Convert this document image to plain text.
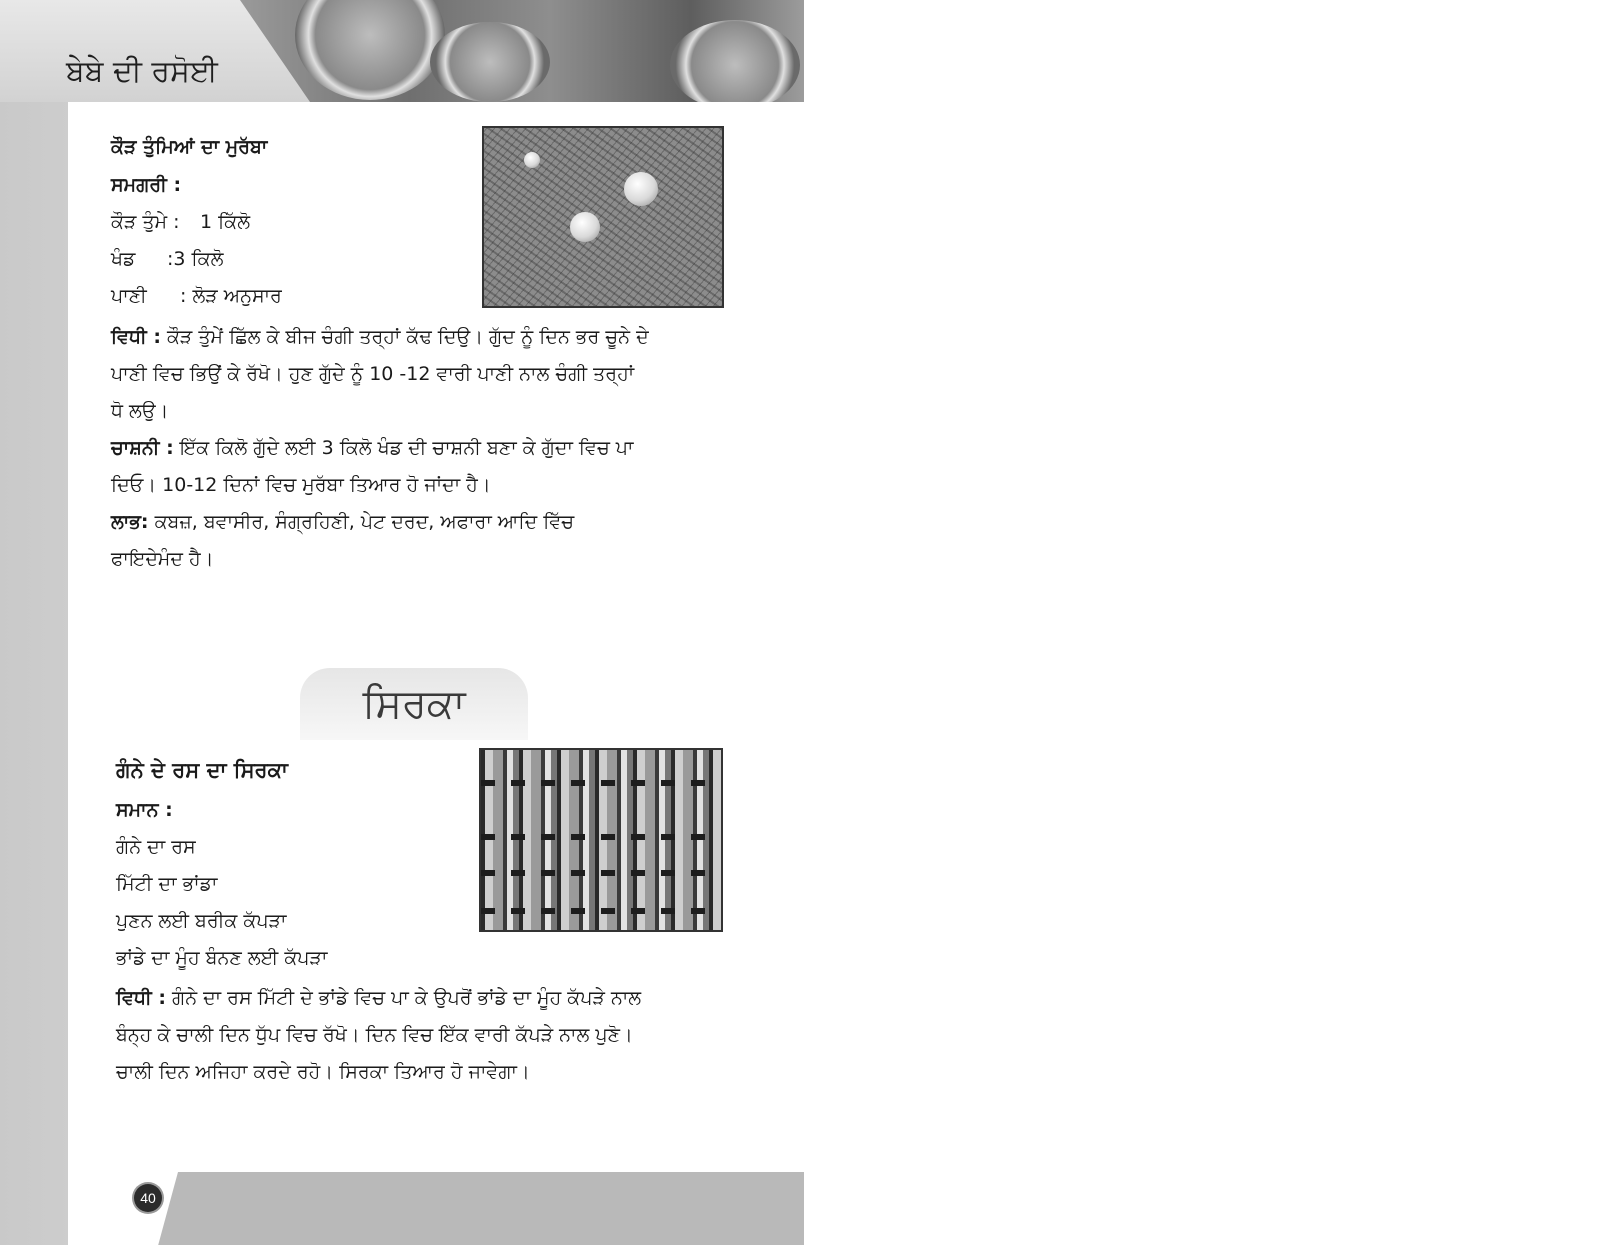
ਬੇਬੇ ਦੀ ਰਸੋਈ
ਕੌੜ ਤੁੰਮਿਆਂ ਦਾ ਮੁਰੱਬਾ
ਸਮਗਰੀ :
ਕੌੜ ਤੁੰਮੇ : 1 ਕਿੱਲੋ
ਖੰਡ :3 ਕਿਲੋ
ਪਾਣੀ : ਲੋੜ ਅਨੁਸਾਰ
ਵਿਧੀ : ਕੌੜ ਤੁੰਮੇਂ ਛਿੱਲ ਕੇ ਬੀਜ ਚੰਗੀ ਤਰ੍ਹਾਂ ਕੱਢ ਦਿਉ। ਗੁੱਦ ਨੂੰ ਦਿਨ ਭਰ ਚੂਨੇ ਦੇ
ਪਾਣੀ ਵਿਚ ਭਿਉਂ ਕੇ ਰੱਖੋ। ਹੁਣ ਗੁੱਦੇ ਨੂੰ 10 -12 ਵਾਰੀ ਪਾਣੀ ਨਾਲ ਚੰਗੀ ਤਰ੍ਹਾਂ
ਧੋ ਲਉ।
ਚਾਸ਼ਨੀ : ਇੱਕ ਕਿਲੋ ਗੁੱਦੇ ਲਈ 3 ਕਿਲੋ ਖੰਡ ਦੀ ਚਾਸ਼ਨੀ ਬਣਾ ਕੇ ਗੁੱਦਾ ਵਿਚ ਪਾ
ਦਿਓ। 10-12 ਦਿਨਾਂ ਵਿਚ ਮੁਰੱਬਾ ਤਿਆਰ ਹੋ ਜਾਂਦਾ ਹੈ।
ਲਾਭ: ਕਬਜ਼, ਬਵਾਸੀਰ, ਸੰਗ੍ਰਹਿਣੀ, ਪੇਟ ਦਰਦ, ਅਫਾਰਾ ਆਦਿ ਵਿੱਚ
ਫਾਇਦੇਮੰਦ ਹੈ।
ਸਿਰਕਾ
ਗੰਨੇ ਦੇ ਰਸ ਦਾ ਸਿਰਕਾ
ਸਮਾਨ :
ਗੰਨੇ ਦਾ ਰਸ
ਮਿੱਟੀ ਦਾ ਭਾਂਡਾ
ਪੁਣਨ ਲਈ ਬਰੀਕ ਕੱਪੜਾ
ਭਾਂਡੇ ਦਾ ਮੂੰਹ ਬੰਨਣ ਲਈ ਕੱਪੜਾ
ਵਿਧੀ : ਗੰਨੇ ਦਾ ਰਸ ਮਿੱਟੀ ਦੇ ਭਾਂਡੇ ਵਿਚ ਪਾ ਕੇ ਉਪਰੋਂ ਭਾਂਡੇ ਦਾ ਮੂੰਹ ਕੱਪੜੇ ਨਾਲ
ਬੰਨ੍ਹ ਕੇ ਚਾਲੀ ਦਿਨ ਧੁੱਪ ਵਿਚ ਰੱਖੋ। ਦਿਨ ਵਿਚ ਇੱਕ ਵਾਰੀ ਕੱਪੜੇ ਨਾਲ ਪੁਣੋ।
ਚਾਲੀ ਦਿਨ ਅਜਿਹਾ ਕਰਦੇ ਰਹੋ। ਸਿਰਕਾ ਤਿਆਰ ਹੋ ਜਾਵੇਗਾ।
40
